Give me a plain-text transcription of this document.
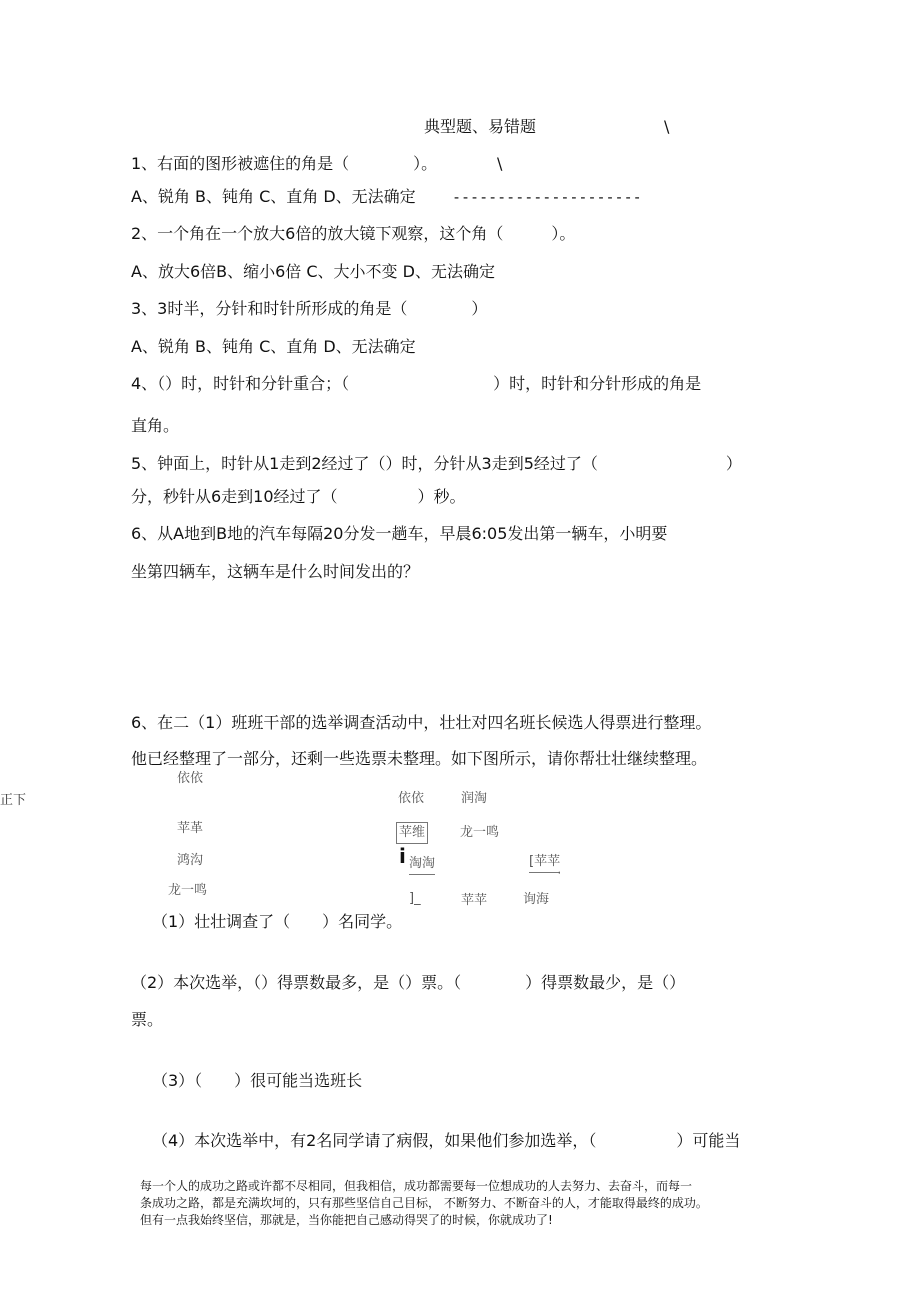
典型题、易错题	\
1、右面的图形被遮住的角是（　　　　）。	\
A、锐角 B、钝角 C、直角 D、无法确定 ---------------------
2、一个角在一个放大6倍的放大镜下观察，这个角（　　　）。
A、放大6倍B、缩小6倍 C、大小不变 D、无法确定
3、3时半，分针和时针所形成的角是（　　　　）
A、锐角 B、钝角 C、直角 D、无法确定
4、（）时，时针和分针重合；（　　　　　　　　　）时，时针和分针形成的角是
直角。
5、钟面上，时针从1走到2经过了（）时，分针从3走到5经过了（　　　　　　　　）
分，秒针从6走到10经过了（　　　　　）秒。
6、从A地到B地的汽车每隔20分发一趟车，早晨6:05发出第一辆车，小明要
坐第四辆车，这辆车是什么时间发出的？
6、在二（1）班班干部的选举调查活动中，壮壮对四名班长候选人得票进行整理。
他已经整理了一部分，还剩一些选票未整理。如下图所示，请你帮壮壮继续整理。
正下
依依
苹革
鸿沟
龙一鸣
依依	润淘
苹维	龙一鸣
i 淘淘	[苹苹
'
]_	苹苹	询海
（1）壮壮调查了（　　）名同学。
（2）本次选举，（）得票数最多，是（）票。（　　　　）得票数最少，是（）
票。
（3）（　　）很可能当选班长
（4）本次选举中，有2名同学请了病假，如果他们参加选举，（　　　　　）可能当
每一个人的成功之路或许都不尽相同，但我相信，成功都需要每一位想成功的人去努力、去奋斗，而每一
条成功之路，都是充满坎坷的，只有那些坚信自己目标， 不断努力、不断奋斗的人，才能取得最终的成功。
但有一点我始终坚信，那就是，当你能把自己感动得哭了的时候，你就成功了!
